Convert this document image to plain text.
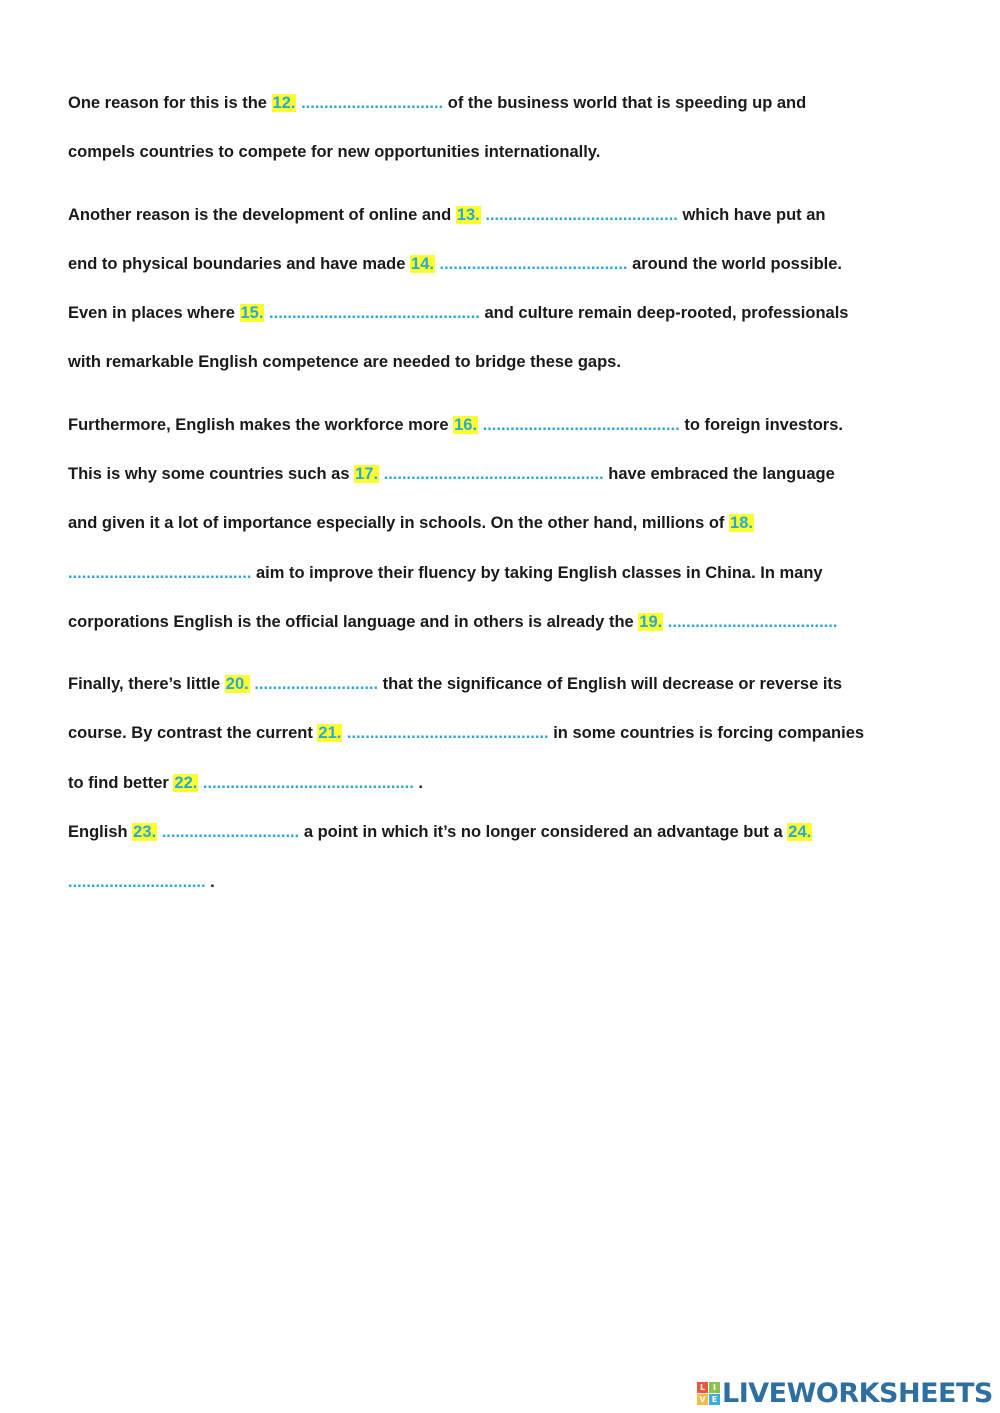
One reason for this is the 12. ............................... of the business world that is speeding up and
compels countries to compete for new opportunities internationally.
Another reason is the development of online and 13. .......................................... which have put an
end to physical boundaries and have made 14. ......................................... around the world possible.
Even in places where 15. .............................................. and culture remain deep-rooted, professionals
with remarkable English competence are needed to bridge these gaps.
Furthermore, English makes the workforce more 16. ........................................... to foreign investors.
This is why some countries such as 17. ................................................ have embraced the language
and given it a lot of importance especially in schools. On the other hand, millions of 18.
........................................ aim to improve their fluency by taking English classes in China. In many
corporations English is the official language and in others is already the 19. .....................................
Finally, there’s little 20. ........................... that the significance of English will decrease or reverse its
course. By contrast the current 21. ............................................ in some countries is forcing companies
to find better 22. .............................................. .
English 23. .............................. a point in which it’s no longer considered an advantage but a 24.
.............................. .
L I
V E LIVEWORKSHEETS
